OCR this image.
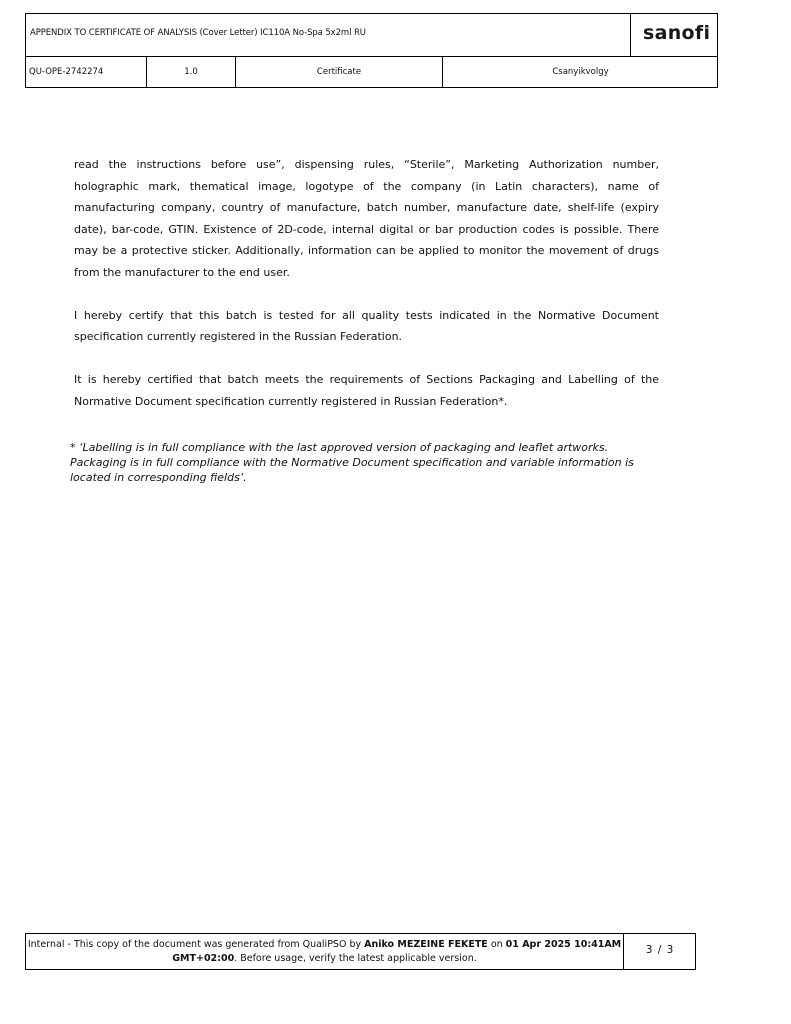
APPENDIX TO CERTIFICATE OF ANALYSIS (Cover Letter) IC110A No-Spa 5x2ml RU	sanofi
QU-OPE-2742274	1.0	Certificate	Csanyikvolgy

read the instructions before use”, dispensing rules, “Sterile”, Marketing Authorization number, holographic mark, thematical image, logotype of the company (in Latin characters), name of manufacturing company, country of manufacture, batch number, manufacture date, shelf-life (expiry date), bar-code, GTIN. Existence of 2D-code, internal digital or bar production codes is possible. There may be a protective sticker. Additionally, information can be applied to monitor the movement of drugs from the manufacturer to the end user.

I hereby certify that this batch is tested for all quality tests indicated in the Normative Document specification currently registered in the Russian Federation.

It is hereby certified that batch meets the requirements of Sections Packaging and Labelling of the Normative Document specification currently registered in Russian Federation*.

* ‘Labelling is in full compliance with the last approved version of packaging and leaflet artworks. Packaging is in full compliance with the Normative Document specification and variable information is located in corresponding fields’.
Internal - This copy of the document was generated from QualiPSO by Aniko MEZEINE FEKETE on 01 Apr 2025 10:41AM GMT+02:00. Before usage, verify the latest applicable version.
3 / 3
